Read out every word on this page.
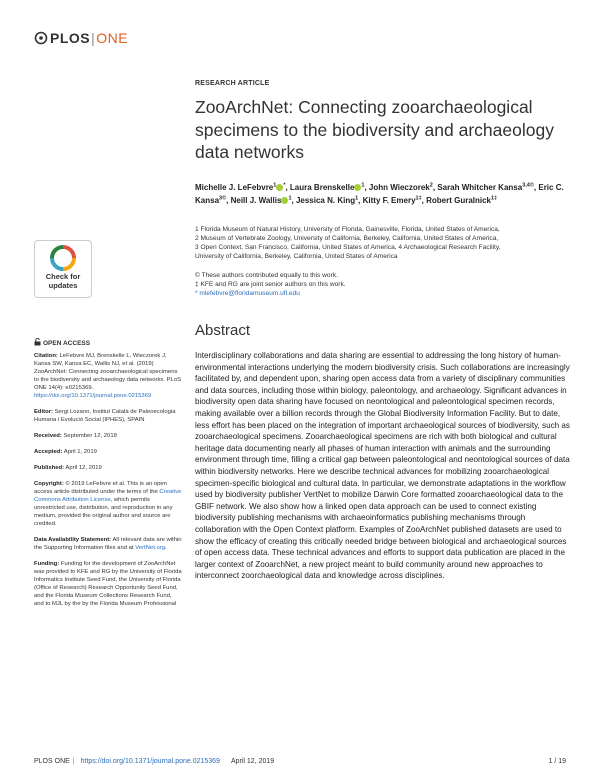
PLOS|ONE
RESEARCH ARTICLE
ZooArchNet: Connecting zooarchaeological specimens to the biodiversity and archaeology data networks
Michelle J. LeFebvre$^1$ *, Laura Brenskelle $^1$, John Wieczorek$^2$, Sarah Whitcher Kansa$^{3,4©}$, Eric C. Kansa$^{3©}$, Neill J. Wallis $^1$, Jessica N. King$^1$, Kitty F. Emery$^{1\ddagger}$, Robert Guralnick$^{1\ddagger}$
1 Florida Museum of Natural History, University of Florida, Gainesville, Florida, United States of America,
2 Museum of Vertebrate Zoology, University of California, Berkeley, California, United States of America,
3 Open Context, San Francisco, California, United States of America, 4 Archaeological Research Facility,
University of California, Berkeley, California, United States of America
© These authors contributed equally to this work.
‡ KFE and RG are joint senior authors on this work.
* mlefebvre@floridamuseum.ufl.edu
Abstract
Interdisciplinary collaborations and data sharing are essential to addressing the long history of human-environmental interactions underlying the modern biodiversity crisis. Such collaborations are increasingly facilitated by, and dependent upon, sharing open access data from a variety of disciplinary communities and data sources, including those within biology, paleontology, and archaeology. Significant advances in biodiversity open data sharing have focused on neontological and paleontological specimen records, making available over a billion records through the Global Biodiversity Information Facility. But to date, less effort has been placed on the integration of important archaeological sources of biodiversity, such as zooarchaeological specimens. Zooarchaeological specimens are rich with both biological and cultural heritage data documenting nearly all phases of human interaction with animals and the surrounding environment through time, filling a critical gap between paleontological and neontological sources of data within biodiversity networks. Here we describe technical advances for mobilizing zooarchaeological specimen-specific biological and cultural data. In particular, we demonstrate adaptations in the workflow used by biodiversity publisher VertNet to mobilize Darwin Core formatted zooarchaeological data to the GBIF network. We also show how a linked open data approach can be used to connect existing biodiversity publishing mechanisms with archaeoinformatics publishing mechanisms through collaboration with the Open Context platform. Examples of ZooArchNet published datasets are used to show the efficacy of creating this critically needed bridge between biological and archaeological sources of open access data. These technical advances and efforts to support data publication are placed in the larger context of ZooarchNet, a new project meant to build community around new approaches to interconnect zoorchaeological data and knowledge across disciplines.
Check for
updates
OPEN ACCESS

Citation: LeFebvre MJ, Brenskelle L, Wieczorek J, Kansa SW, Kansa EC, Wallis NJ, et al. (2019) ZooArchNet: Connecting zooarchaeological specimens to the biodiversity and archaeology data networks. PLoS ONE 14(4): e0215369. https://doi.org/10.1371/journal.pone.0215369

Editor: Sergi Lozano, Institut Català de Paleoecologia Humana i Evolució Social (IPHES), SPAIN

Received: September 12, 2018

Accepted: April 1, 2019

Published: April 12, 2019

Copyright: © 2019 LeFebvre et al. This is an open access article distributed under the terms of the Creative Commons Attribution License, which permits unrestricted use, distribution, and reproduction in any medium, provided the original author and source are credited.

Data Availability Statement: All relevant data are within the Supporting Information files and at VertNet.org.

Funding: Funding for the development of ZooArchNet was provided to KFE and RG by the University of Florida Informatics Institute Seed Fund, the University of Florida (Office of Research) Research Opportunity Seed Fund, and the Florida Museum Collections Research Fund, and to MJL by the by the Florida Museum Professional

PLOS ONE | https://doi.org/10.1371/journal.pone.0215369 April 12, 2019	1 / 19
